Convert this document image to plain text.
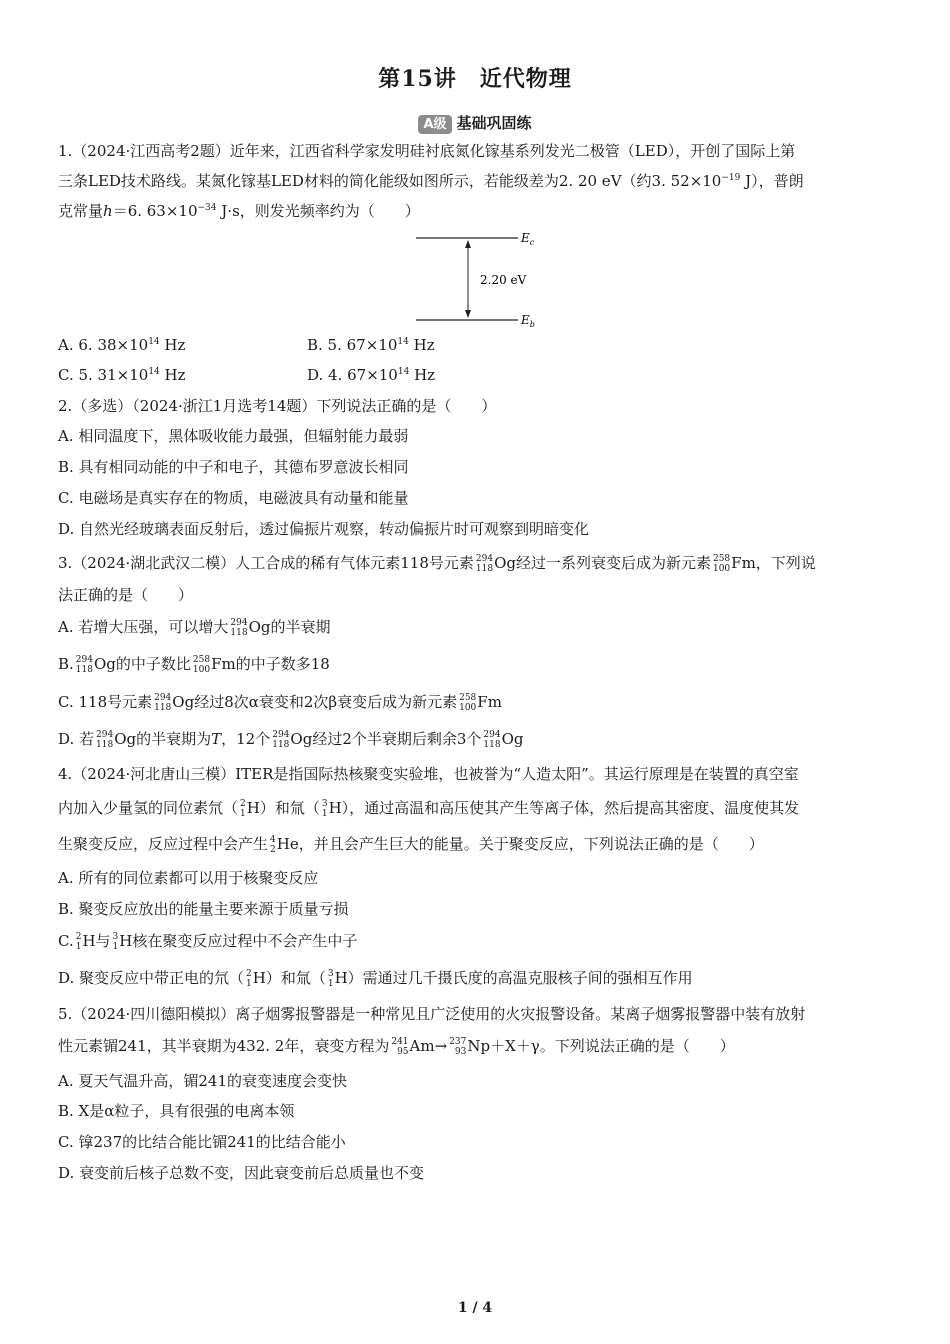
第15讲　近代物理
A级 基础巩固练
1.（2024·江西高考2题）近年来，江西省科学家发明硅衬底氮化镓基系列发光二极管（LED），开创了国际上第
三条LED技术路线。某氮化镓基LED材料的简化能级如图所示，若能级差为2. 20 eV（约3. $52\times 10^{-19}$ J），普朗
克常量h＝6. $63\times 10^{-34}$ J·s，则发光频率约为（　　）
2.20 eV
$E_c$
$E_b$
A. 6. $38\times 10^{14}$ Hz	B. 5. $67\times 10^{14}$ Hz
C. 5. $31\times 10^{14}$ Hz	D. 4. $67\times 10^{14}$ Hz
2.（多选）（2024·浙江1月选考14题）下列说法正确的是（　　）
A. 相同温度下，黑体吸收能力最强，但辐射能力最弱
B. 具有相同动能的中子和电子，其德布罗意波长相同
C. 电磁场是真实存在的物质，电磁波具有动量和能量
D. 自然光经玻璃表面反射后，透过偏振片观察，转动偏振片时可观察到明暗变化
3.（2024·湖北武汉二模）人工合成的稀有气体元素118号元素 294
118 Og经过一系列衰变后成为新元素 258
100 Fm，下列说
法正确的是（　　）
A. 若增大压强，可以增大 294
118 Og的半衰期
B. 294
118 Og的中子数比 258
100 Fm的中子数多18
C. 118号元素 294
118 Og经过8次α衰变和2次β衰变后成为新元素 258
100 Fm
D. 若 294
118 Og的半衰期为T，12个 294
118 Og经过2个半衰期后剩余3个 294
118 Og
4.（2024·河北唐山三模）ITER是指国际热核聚变实验堆，也被誉为“人造太阳”。其运行原理是在装置的真空室
内加入少量氢的同位素氘（ 2
1 H）和氚（ 3
1 H），通过高温和高压使其产生等离子体，然后提高其密度、温度使其发
生聚变反应，反应过程中会产生 4
2 He，并且会产生巨大的能量。关于聚变反应，下列说法正确的是（　　）
A. 所有的同位素都可以用于核聚变反应
B. 聚变反应放出的能量主要来源于质量亏损
C. 2
1 H与 3
1 H核在聚变反应过程中不会产生中子
D. 聚变反应中带正电的氘（ 2
1 H）和氚（ 3
1 H）需通过几千摄氏度的高温克服核子间的强相互作用
5.（2024·四川德阳模拟）离子烟雾报警器是一种常见且广泛使用的火灾报警设备。某离子烟雾报警器中装有放射
性元素镅241，其半衰期为432. 2年，衰变方程为 241
95 Am→ 237
93 Np＋X＋γ。下列说法正确的是（　　）
A. 夏天气温升高，镅241的衰变速度会变快
B. X是α粒子，具有很强的电离本领
C. 镎237的比结合能比镅241的比结合能小
D. 衰变前后核子总数不变，因此衰变前后总质量也不变
1 / 4
